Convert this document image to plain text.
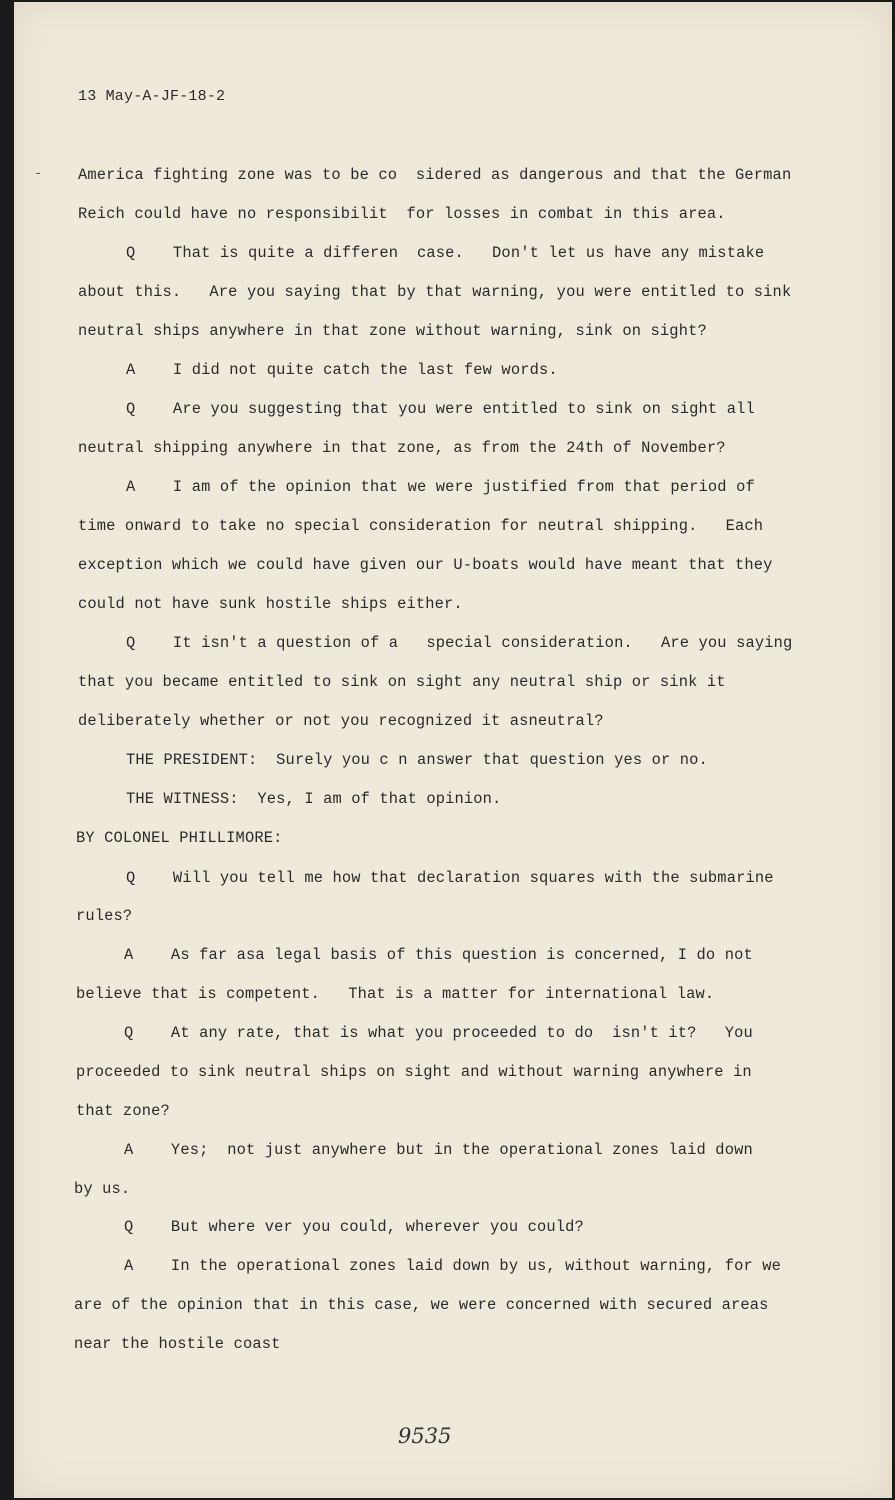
-
13 May-A-JF-18-2
America fighting zone was to be co  sidered as dangerous and that the German
Reich could have no responsibilit  for losses in combat in this area.
Q    That is quite a differen  case.   Don't let us have any mistake
about this.   Are you saying that by that warning, you were entitled to sink
neutral ships anywhere in that zone without warning, sink on sight?
A    I did not quite catch the last few words.
Q    Are you suggesting that you were entitled to sink on sight all
neutral shipping anywhere in that zone, as from the 24th of November?
A    I am of the opinion that we were justified from that period of
time onward to take no special consideration for neutral shipping.   Each
exception which we could have given our U-boats would have meant that they
could not have sunk hostile ships either.
Q    It isn't a question of a   special consideration.   Are you saying
that you became entitled to sink on sight any neutral ship or sink it
deliberately whether or not you recognized it asneutral?
THE PRESIDENT:  Surely you c n answer that question yes or no.
THE WITNESS:  Yes, I am of that opinion.
BY COLONEL PHILLIMORE:
Q    Will you tell me how that declaration squares with the submarine
rules?
A    As far asa legal basis of this question is concerned, I do not
believe that is competent.   That is a matter for international law.
Q    At any rate, that is what you proceeded to do  isn't it?   You
proceeded to sink neutral ships on sight and without warning anywhere in
that zone?
A    Yes;  not just anywhere but in the operational zones laid down
by us.
Q    But where ver you could, wherever you could?
A    In the operational zones laid down by us, without warning, for we
are of the opinion that in this case, we were concerned with secured areas
near the hostile coast
9535
